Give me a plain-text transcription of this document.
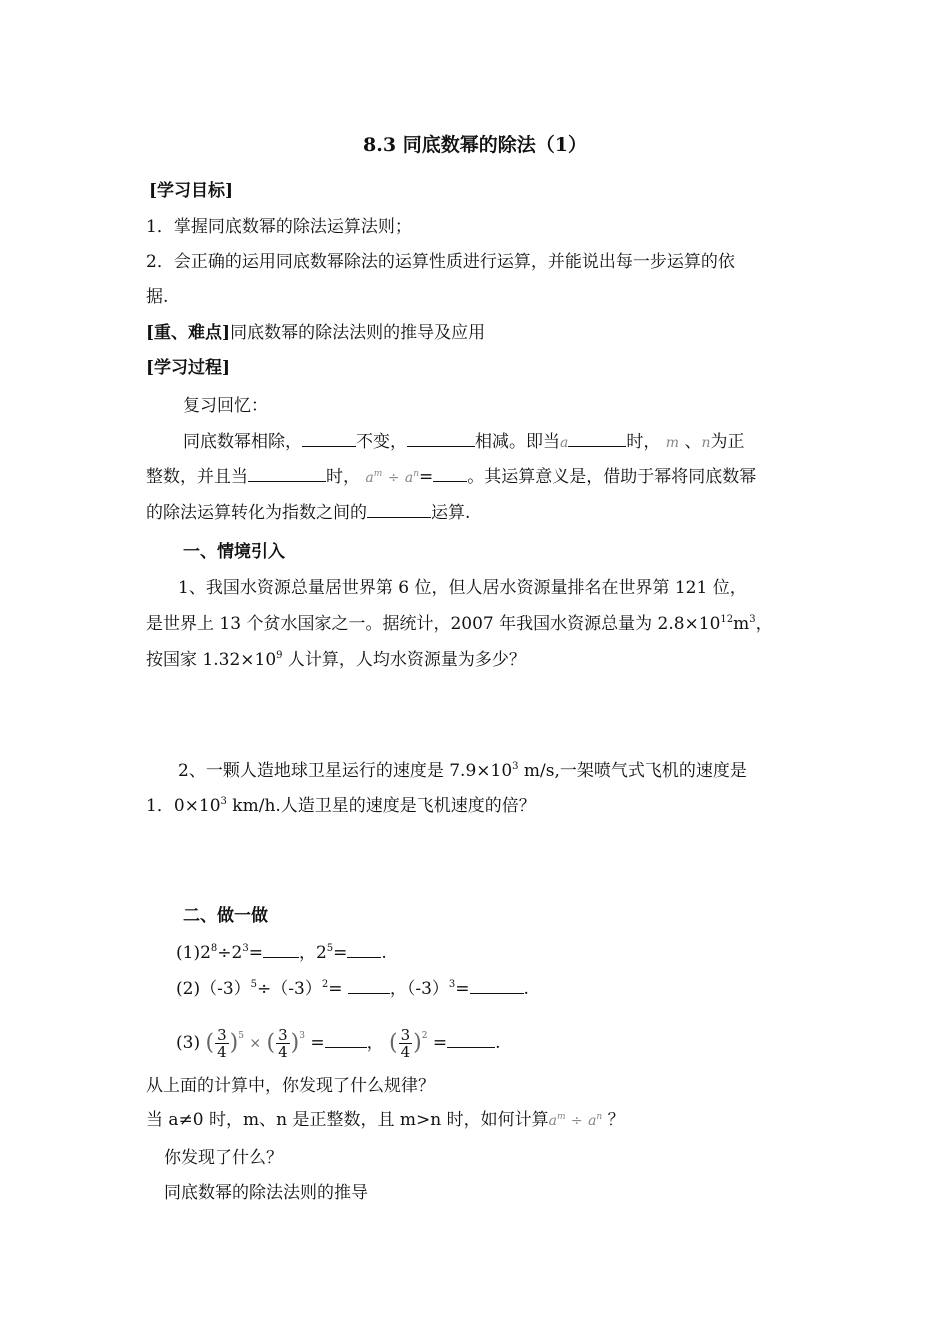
8.3 同底数幂的除法（1）
[学习目标]
1．掌握同底数幂的除法运算法则；
2．会正确的运用同底数幂除法的运算性质进行运算，并能说出每一步运算的依
据.
[重、难点]同底数幂的除法法则的推导及应用
[学习过程]
复习回忆：
同底数幂相除，	不变，	相减。即当a	时， m 、n为正
整数，并且当	时， $a^m \div a^n=$ 。其运算意义是，借助于幂将同底数幂
的除法运算转化为指数之间的	运算.
一、情境引入
1、我国水资源总量居世界第 6 位，但人居水资源量排名在世界第 121 位，
是世界上 13 个贫水国家之一。据统计，2007 年我国水资源总量为 $2.8\times 10^{12}m^3$，
按国家 $1.32\times 10^9$ 人计算，人均水资源量为多少？
2、一颗人造地球卫星运行的速度是 $7.9\times 10^3$ m/s,一架喷气式飞机的速度是
1．$0\times 10^3$ km/h.人造卫星的速度是飞机速度的倍？
二、做一做
$(1)2^8\div 2^3=$ ，$2^5=$ .
$(2)(-3)^5\div(-3)^2=$ ，$(-3)^3=$	.
(3) ( $\frac{3}{4} )^5$ × ( $\frac{3}{4} )^3$ = ， ( $\frac{3}{4} )^2$ =	.
从上面的计算中，你发现了什么规律？
当 a≠0 时，m、n 是正整数，且 m>n 时，如何计算$a^m \div a^n$ ？
你发现了什么？
同底数幂的除法法则的推导
